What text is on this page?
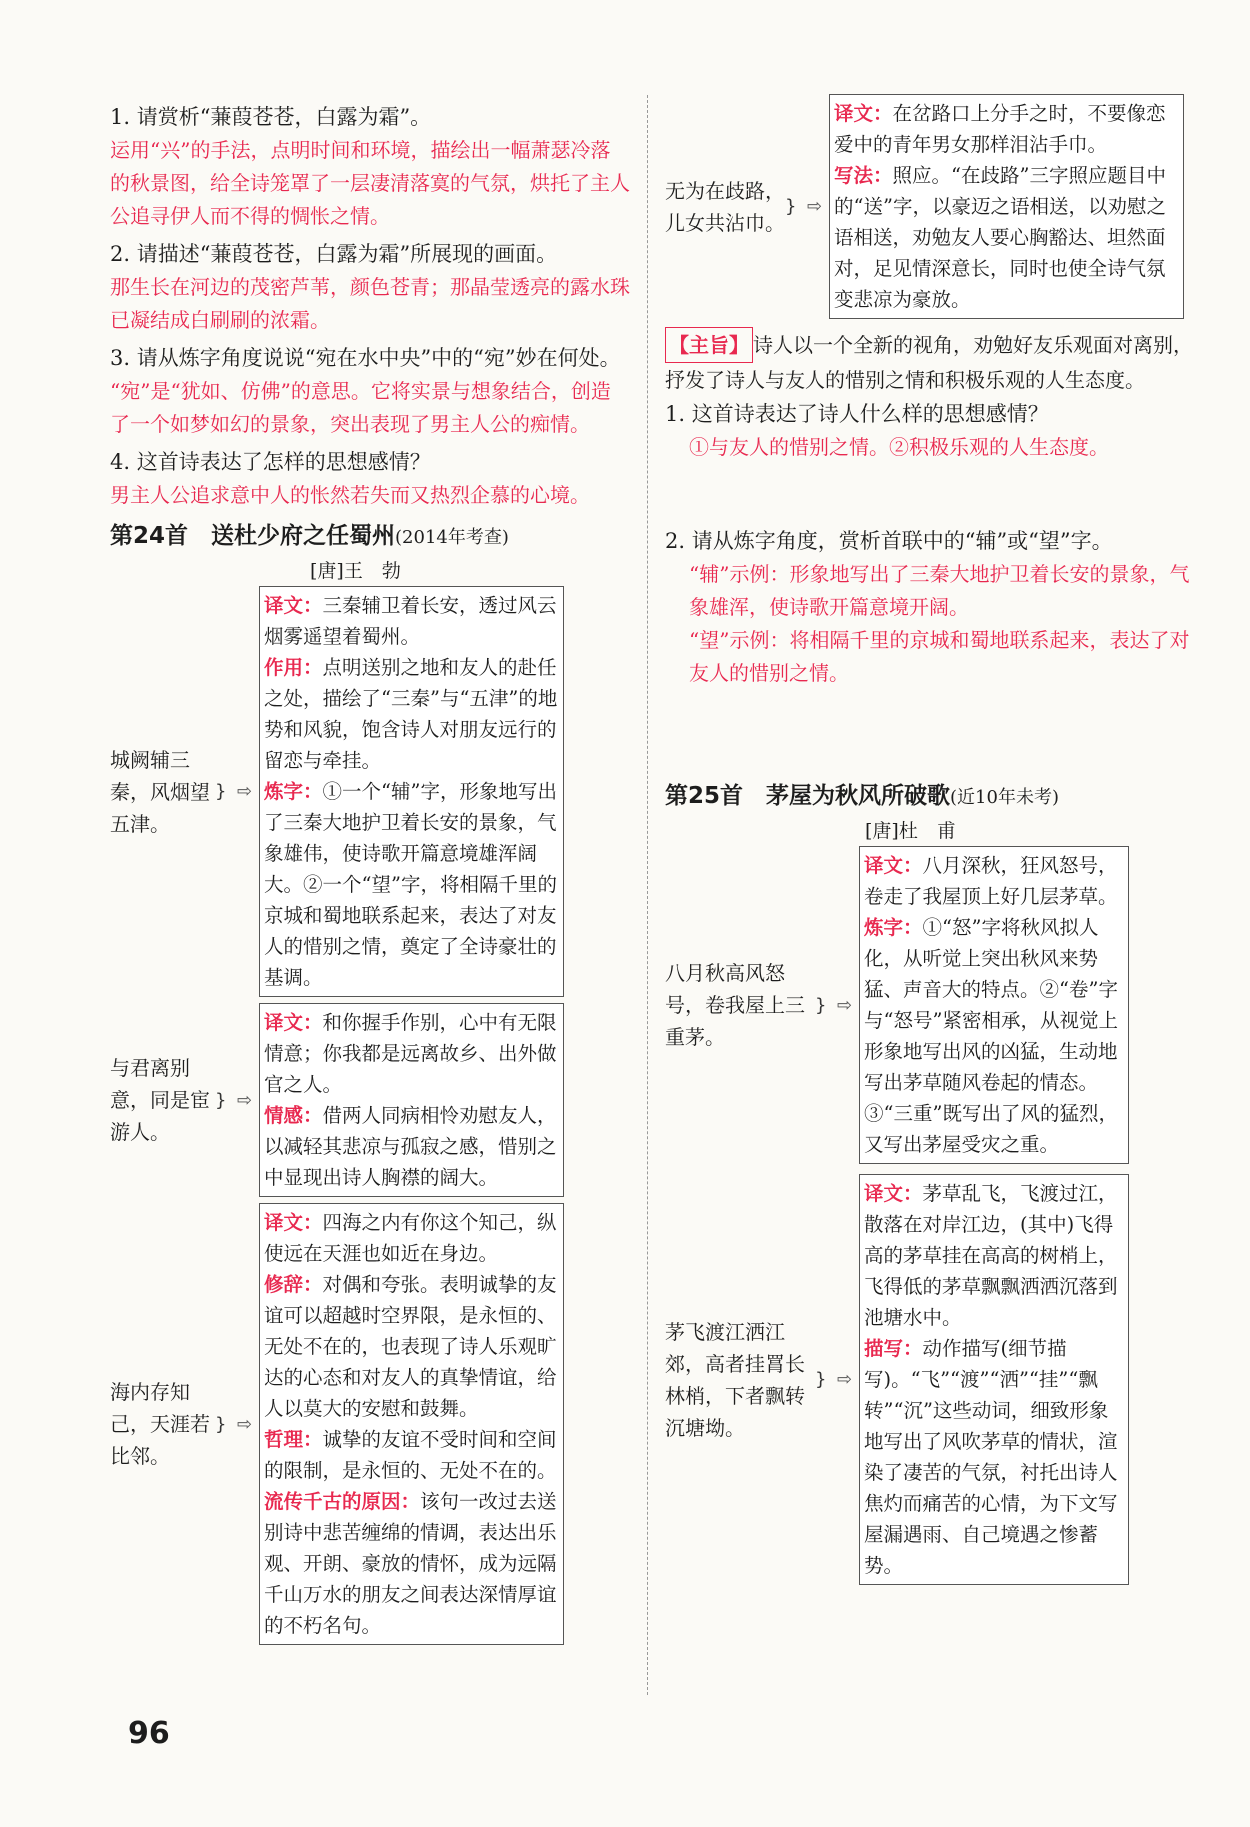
1. 请赏析“蒹葭苍苍，白露为霜”。

运用“兴”的手法，点明时间和环境，描绘出一幅萧瑟冷落的秋景图，给全诗笼罩了一层凄清落寞的气氛，烘托了主人公追寻伊人而不得的惆怅之情。

2. 请描述“蒹葭苍苍，白露为霜”所展现的画面。

那生长在河边的茂密芦苇，颜色苍青；那晶莹透亮的露水珠已凝结成白刷刷的浓霜。

3. 请从炼字角度说说“宛在水中央”中的“宛”妙在何处。

“宛”是“犹如、仿佛”的意思。它将实景与想象结合，创造了一个如梦如幻的景象，突出表现了男主人公的痴情。

4. 这首诗表达了怎样的思想感情？

男主人公追求意中人的怅然若失而又热烈企慕的心境。

第24首　送杜少府之任蜀州(2014年考查)

[唐]王　勃
城阙辅三秦，风烟望五津。
} ⇨

译文：三秦辅卫着长安，透过风云烟雾遥望着蜀州。

作用：点明送别之地和友人的赴任之处，描绘了“三秦”与“五津”的地势和风貌，饱含诗人对朋友远行的留恋与牵挂。

炼字：①一个“辅”字，形象地写出了三秦大地护卫着长安的景象，气象雄伟，使诗歌开篇意境雄浑阔大。②一个“望”字，将相隔千里的京城和蜀地联系起来，表达了对友人的惜别之情，奠定了全诗豪壮的基调。

与君离别意，同是宦游人。
} ⇨

译文：和你握手作别，心中有无限情意；你我都是远离故乡、出外做官之人。

情感：借两人同病相怜劝慰友人，以减轻其悲凉与孤寂之感，惜别之中显现出诗人胸襟的阔大。

海内存知己，天涯若比邻。
} ⇨

译文：四海之内有你这个知己，纵使远在天涯也如近在身边。

修辞：对偶和夸张。表明诚挚的友谊可以超越时空界限，是永恒的、无处不在的，也表现了诗人乐观旷达的心态和对友人的真挚情谊，给人以莫大的安慰和鼓舞。

哲理：诚挚的友谊不受时间和空间的限制，是永恒的、无处不在的。

流传千古的原因：该句一改过去送别诗中悲苦缠绵的情调，表达出乐观、开朗、豪放的情怀，成为远隔千山万水的朋友之间表达深情厚谊的不朽名句。

无为在歧路，儿女共沾巾。
} ⇨

译文：在岔路口上分手之时，不要像恋爱中的青年男女那样泪沾手巾。

写法：照应。“在歧路”三字照应题目中的“送”字，以豪迈之语相送，以劝慰之语相送，劝勉友人要心胸豁达、坦然面对，足见情深意长，同时也使全诗气氛变悲凉为豪放。

【主旨】 诗人以一个全新的视角，劝勉好友乐观面对离别，抒发了诗人与友人的惜别之情和积极乐观的人生态度。

1. 这首诗表达了诗人什么样的思想感情？

①与友人的惜别之情。②积极乐观的人生态度。

2. 请从炼字角度，赏析首联中的“辅”或“望”字。

“辅”示例：形象地写出了三秦大地护卫着长安的景象，气象雄浑，使诗歌开篇意境开阔。

“望”示例：将相隔千里的京城和蜀地联系起来，表达了对友人的惜别之情。

第25首　茅屋为秋风所破歌(近10年未考)

[唐]杜　甫
八月秋高风怒号，卷我屋上三重茅。
} ⇨

译文：八月深秋，狂风怒号，卷走了我屋顶上好几层茅草。

炼字：①“怒”字将秋风拟人化，从听觉上突出秋风来势猛、声音大的特点。②“卷”字与“怒号”紧密相承，从视觉上形象地写出风的凶猛，生动地写出茅草随风卷起的情态。③“三重”既写出了风的猛烈，又写出茅屋受灾之重。

茅飞渡江洒江郊，高者挂罥长林梢，下者飘转沉塘坳。
} ⇨

译文：茅草乱飞，飞渡过江，散落在对岸江边，(其中)飞得高的茅草挂在高高的树梢上，飞得低的茅草飘飘洒洒沉落到池塘水中。

描写：动作描写(细节描写)。“飞”“渡”“洒”“挂”“飘转”“沉”这些动词，细致形象地写出了风吹茅草的情状，渲染了凄苦的气氛，衬托出诗人焦灼而痛苦的心情，为下文写屋漏遇雨、自己境遇之惨蓄势。

96
